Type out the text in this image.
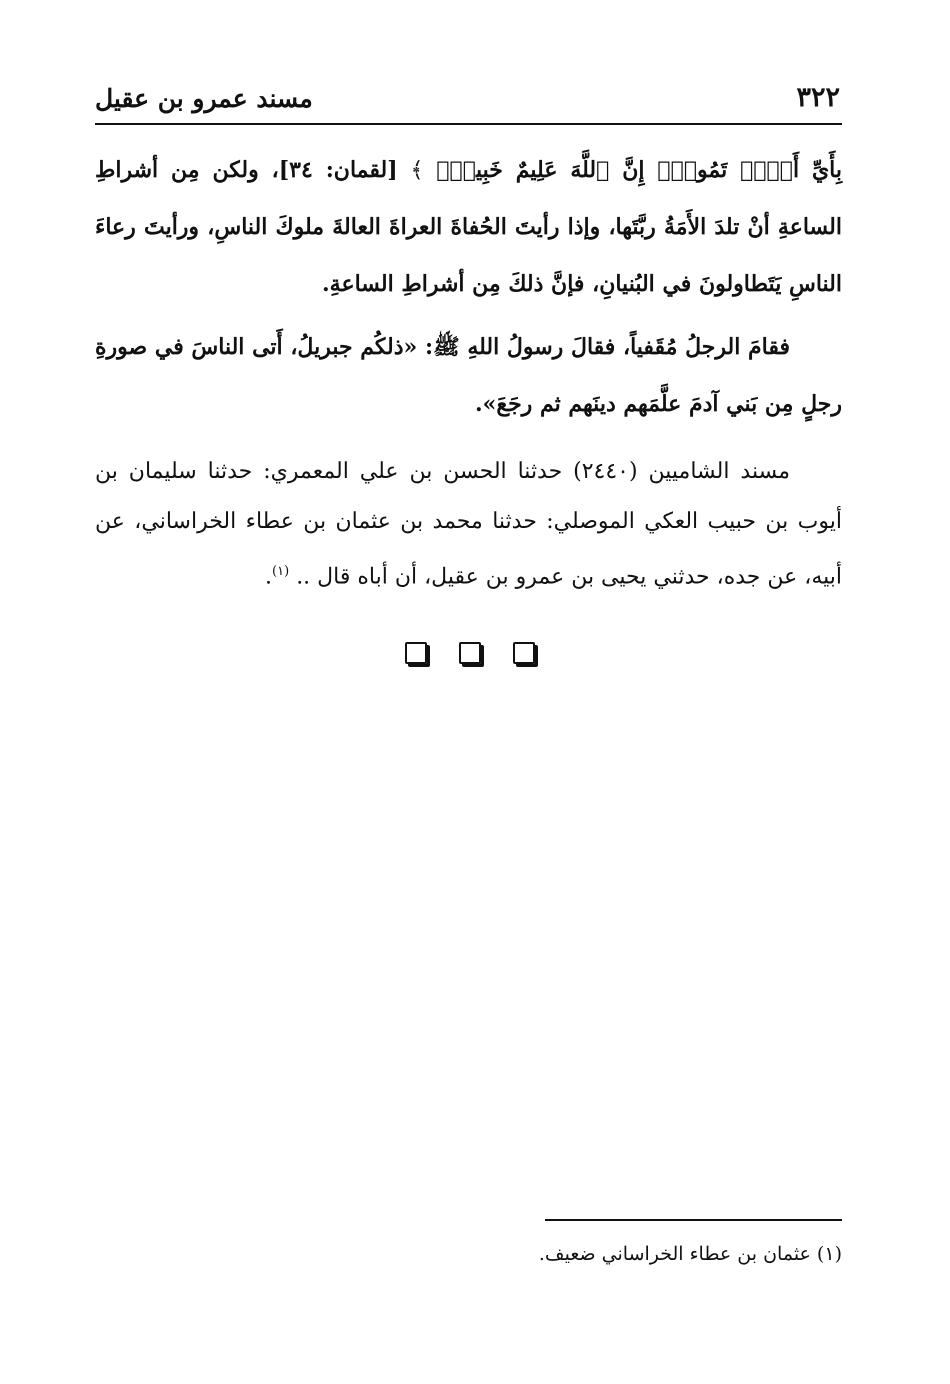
٣٢٢
مسند عمرو بن عقيل

بِأَيِّ أَرۡضٖ تَمُوتُۚ إِنَّ ٱللَّهَ عَلِيمٌ خَبِيرُۢ ﴾ [لقمان: ٣٤]، ولكن مِن أشراطِ الساعةِ أنْ تلدَ الأَمَةُ ربَّتَها، وإذا رأيتَ الحُفاةَ العراةَ العالةَ ملوكَ الناسِ، ورأيتَ رعاءَ الناسِ يَتَطاولونَ في البُنيانِ، فإنَّ ذلكَ مِن أشراطِ الساعةِ.

فقامَ الرجلُ مُقَفياً، فقالَ رسولُ اللهِ ﷺ: «ذلكُم جبريلُ، أَتى الناسَ في صورةِ رجلٍ مِن بَني آدمَ علَّمَهم دينَهم ثم رجَعَ».

مسند الشاميين (٢٤٤٠) حدثنا الحسن بن علي المعمري: حدثنا سليمان بن أيوب بن حبيب العكي الموصلي: حدثنا محمد بن عثمان بن عطاء الخراساني، عن أبيه، عن جده، حدثني يحيى بن عمرو بن عقيل، أن أباه قال .. $^{(١)}$.

(١) عثمان بن عطاء الخراساني ضعيف.
